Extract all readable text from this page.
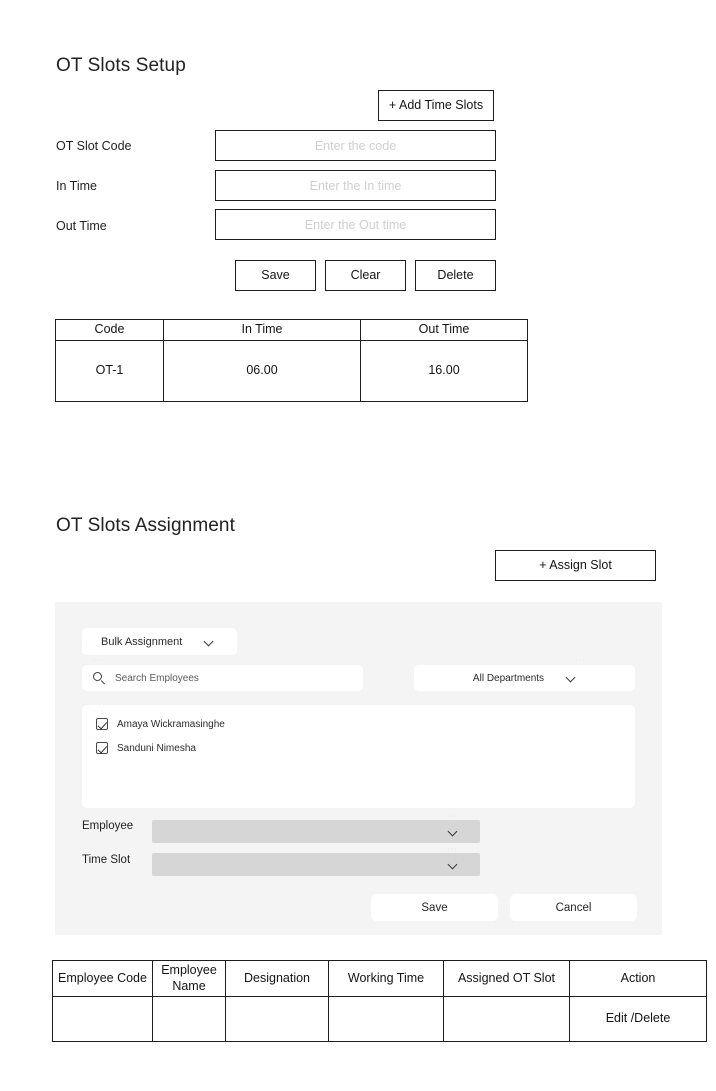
OT Slots Setup
+ Add Time Slots
OT Slot Code	Enter the code
In Time	Enter the In time
Out Time	Enter the Out time
Save	Clear	Delete
Code	In Time	Out Time
OT-1	06.00	16.00
OT Slots Assignment
+ Assign Slot
Bulk Assignment
···
Search Employees
···
All Departments
···
Amaya Wickramasinghe
···
Sanduni Nimesha
Employee
···
Time Slot
···
Save	Cancel
Employee Code	Employee Name	Designation	Working Time	Assigned OT Slot	Action
					Edit /Delete
